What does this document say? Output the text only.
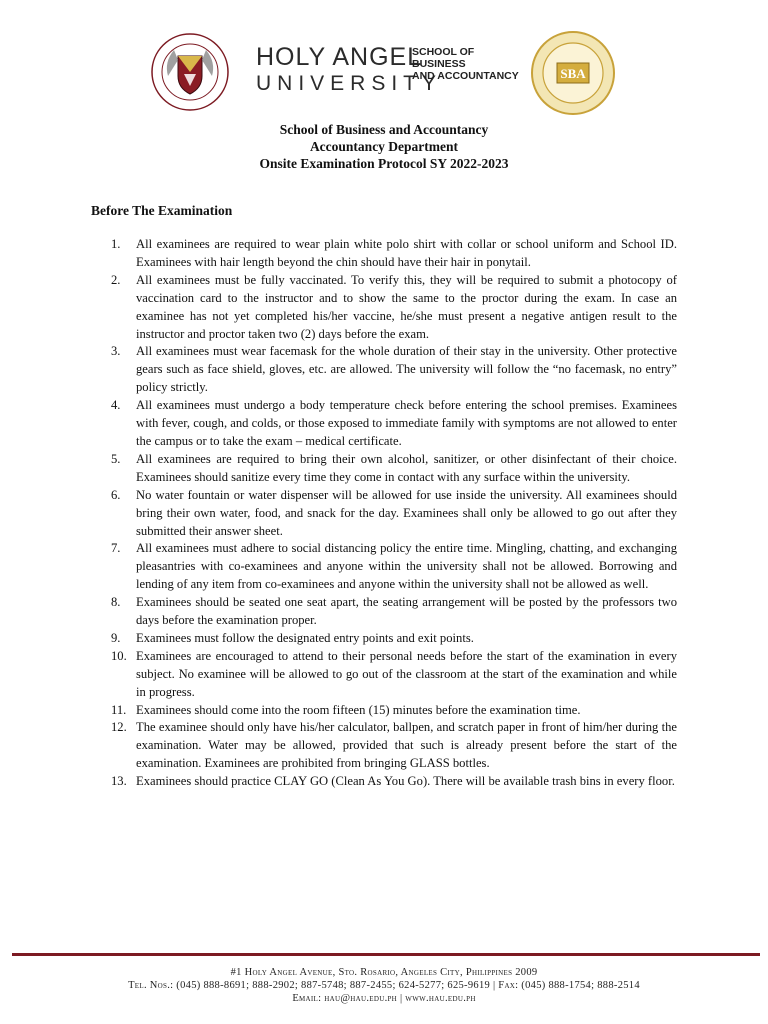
HOLY ANGEL
UNIVERSITY
SCHOOL OF
BUSINESS
AND ACCOUNTANCY	SBA
School of Business and Accountancy
Accountancy Department
Onsite Examination Protocol SY 2022-2023
Before The Examination
1. All examinees are required to wear plain white polo shirt with collar or school uniform and School ID. Examinees with hair length beyond the chin should have their hair in ponytail.
2. All examinees must be fully vaccinated. To verify this, they will be required to submit a photocopy of vaccination card to the instructor and to show the same to the proctor during the exam. In case an examinee has not yet completed his/her vaccine, he/she must present a negative antigen result to the instructor and proctor taken two (2) days before the exam.
3. All examinees must wear facemask for the whole duration of their stay in the university. Other protective gears such as face shield, gloves, etc. are allowed. The university will follow the “no facemask, no entry” policy strictly.
4. All examinees must undergo a body temperature check before entering the school premises. Examinees with fever, cough, and colds, or those exposed to immediate family with symptoms are not allowed to enter the campus or to take the exam – medical certificate.
5. All examinees are required to bring their own alcohol, sanitizer, or other disinfectant of their choice. Examinees should sanitize every time they come in contact with any surface within the university.
6. No water fountain or water dispenser will be allowed for use inside the university. All examinees should bring their own water, food, and snack for the day. Examinees shall only be allowed to go out after they submitted their answer sheet.
7. All examinees must adhere to social distancing policy the entire time. Mingling, chatting, and exchanging pleasantries with co-examinees and anyone within the university shall not be allowed. Borrowing and lending of any item from co-examinees and anyone within the university shall not be allowed as well.
8. Examinees should be seated one seat apart, the seating arrangement will be posted by the professors two days before the examination proper.
9. Examinees must follow the designated entry points and exit points.
10. Examinees are encouraged to attend to their personal needs before the start of the examination in every subject. No examinee will be allowed to go out of the classroom at the start of the examination and while in progress.
11. Examinees should come into the room fifteen (15) minutes before the examination time.
12. The examinee should only have his/her calculator, ballpen, and scratch paper in front of him/her during the examination. Water may be allowed, provided that such is already present before the start of the examination. Examinees are prohibited from bringing GLASS bottles.
13. Examinees should practice CLAY GO (Clean As You Go). There will be available trash bins in every floor.
#1 Holy Angel Avenue, Sto. Rosario, Angeles City, Philippines 2009
Tel. Nos.: (045) 888-8691; 888-2902; 887-5748; 887-2455; 624-5277; 625-9619 | Fax: (045) 888-1754; 888-2514
Email: hau@hau.edu.ph | www.hau.edu.ph
